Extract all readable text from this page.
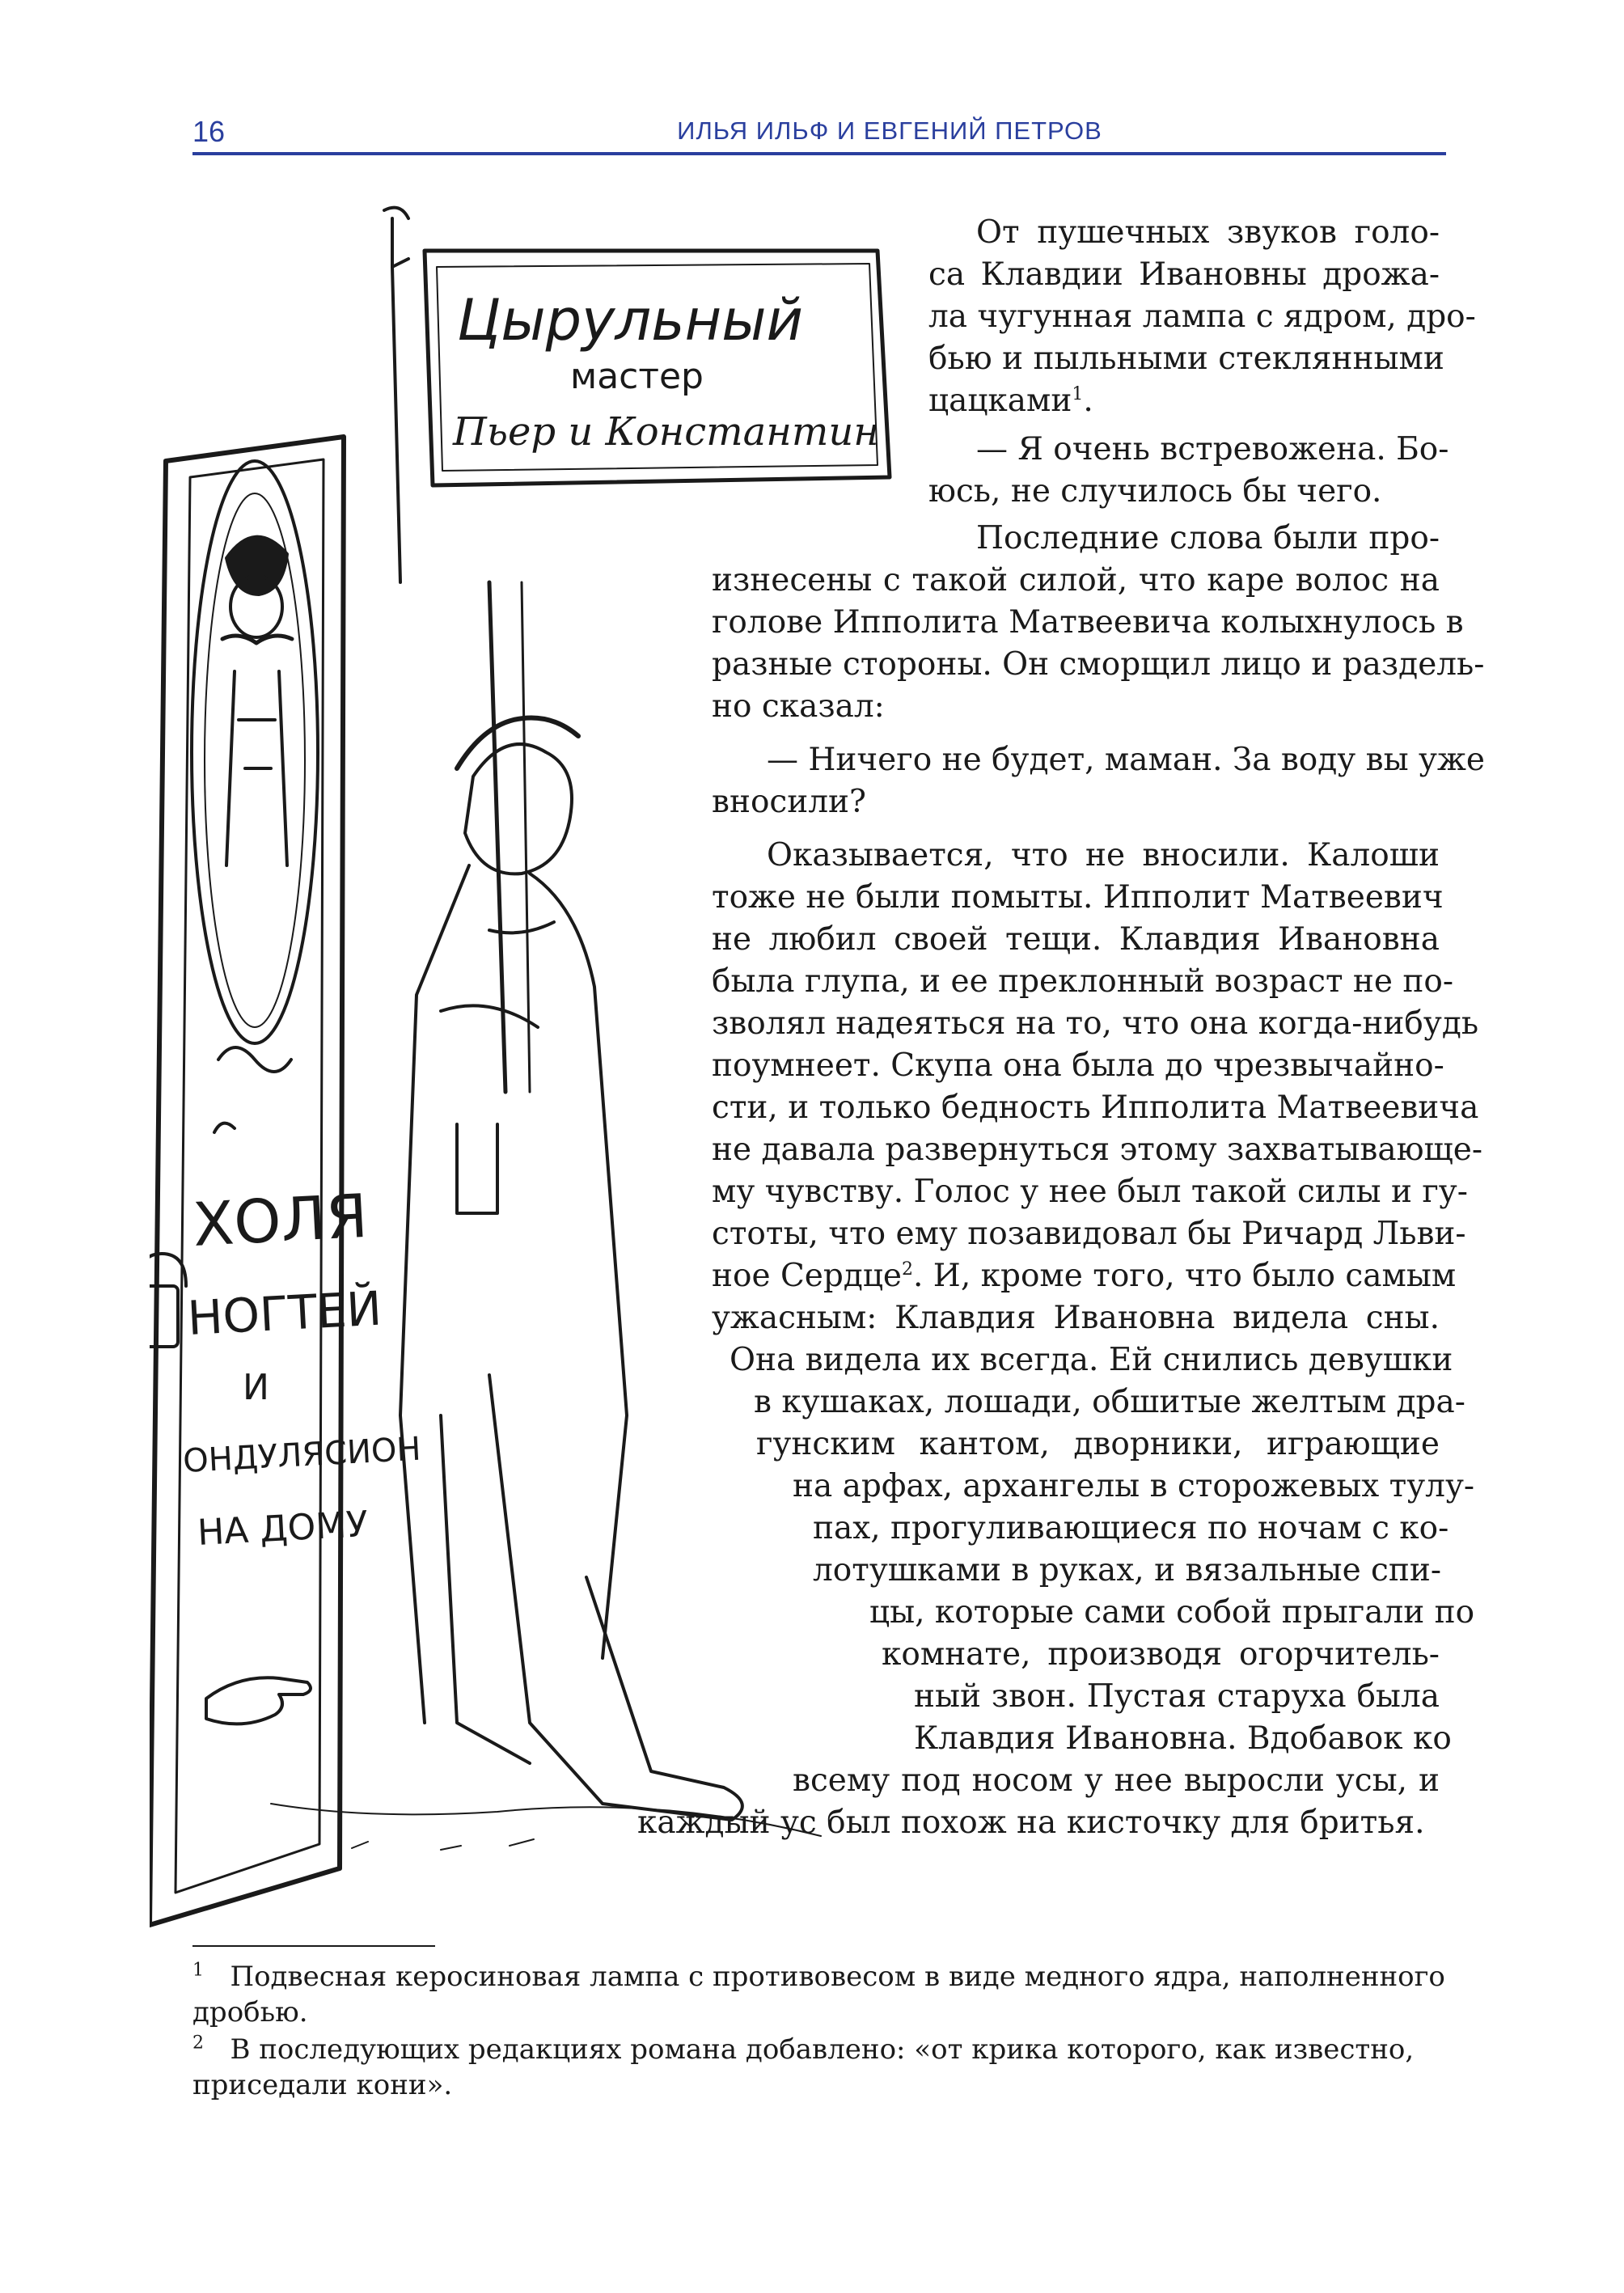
16	ИЛЬЯ ИЛЬФ И ЕВГЕНИЙ ПЕТРОВ
Цырульный
мастер
Пьер и Константин
ХОЛЯ
НОГТЕЙ
И
ОНДУЛЯСИОН
НА ДОМУ
От пушечных звуков голо-
са Клавдии Ивановны дрожа-
ла чугунная лампа с ядром, дро-
бью и пыльными стеклянными
цацками$^1$.
— Я очень встревожена. Бо-
юсь, не случилось бы чего.
Последние слова были про-
изнесены с такой силой, что каре волос на
голове Ипполита Матвеевича колыхнулось в
разные стороны. Он сморщил лицо и раздель-
но сказал:
— Ничего не будет, маман. За воду вы уже
вносили?
Оказывается, что не вносили. Калоши
тоже не были помыты. Ипполит Матвеевич
не любил своей тещи. Клавдия Ивановна
была глупа, и ее преклонный возраст не по-
зволял надеяться на то, что она когда-нибудь
поумнеет. Скупа она была до чрезвычайно-
сти, и только бедность Ипполита Матвеевича
не давала развернуться этому захватывающе-
му чувству. Голос у нее был такой силы и гу-
стоты, что ему позавидовал бы Ричард Льви-
ное Сердце$^2$. И, кроме того, что было самым
ужасным: Клавдия Ивановна видела сны.
Она видела их всегда. Ей снились девушки
в кушаках, лошади, обшитые желтым дра-
гунским кантом, дворники, играющие
на арфах, архангелы в сторожевых тулу-
пах, прогуливающиеся по ночам с ко-
лотушками в руках, и вязальные спи-
цы, которые сами собой прыгали по
комнате, производя огорчитель-
ный звон. Пустая старуха была
Клавдия Ивановна. Вдобавок ко
всему под носом у нее выросли усы, и
каждый ус был похож на кисточку для бритья.
$^1$ Подвесная керосиновая лампа с противовесом в виде медного ядра, наполненного
дробью.
$^2$ В последующих редакциях романа добавлено: «от крика которого, как известно,
приседали кони».
